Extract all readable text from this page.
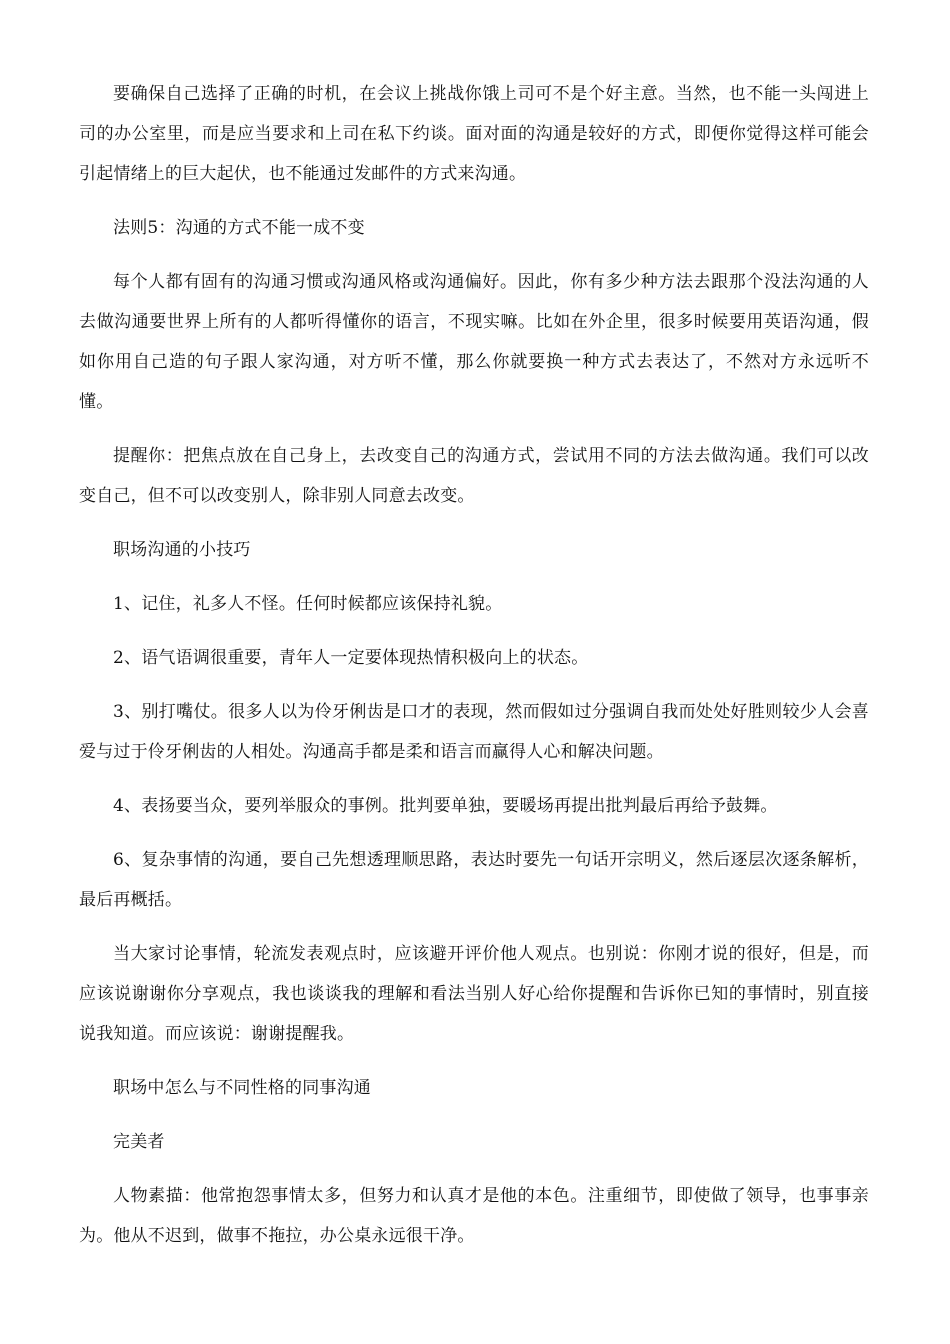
要确保自己选择了正确的时机，在会议上挑战你饿上司可不是个好主意。当然，也不能一头闯进上司的办公室里，而是应当要求和上司在私下约谈。面对面的沟通是较好的方式，即便你觉得这样可能会引起情绪上的巨大起伏，也不能通过发邮件的方式来沟通。

法则5：沟通的方式不能一成不变

每个人都有固有的沟通习惯或沟通风格或沟通偏好。因此，你有多少种方法去跟那个没法沟通的人去做沟通要世界上所有的人都听得懂你的语言，不现实嘛。比如在外企里，很多时候要用英语沟通，假如你用自己造的句子跟人家沟通，对方听不懂，那么你就要换一种方式去表达了，不然对方永远听不懂。

提醒你：把焦点放在自己身上，去改变自己的沟通方式，尝试用不同的方法去做沟通。我们可以改变自己，但不可以改变别人，除非别人同意去改变。

职场沟通的小技巧

1、记住，礼多人不怪。任何时候都应该保持礼貌。

2、语气语调很重要，青年人一定要体现热情积极向上的状态。

3、别打嘴仗。很多人以为伶牙俐齿是口才的表现，然而假如过分强调自我而处处好胜则较少人会喜爱与过于伶牙俐齿的人相处。沟通高手都是柔和语言而赢得人心和解决问题。

4、表扬要当众，要列举服众的事例。批判要单独，要暖场再提出批判最后再给予鼓舞。

6、复杂事情的沟通，要自己先想透理顺思路，表达时要先一句话开宗明义，然后逐层次逐条解析，最后再概括。

当大家讨论事情，轮流发表观点时，应该避开评价他人观点。也别说：你刚才说的很好，但是，而应该说谢谢你分享观点，我也谈谈我的理解和看法当别人好心给你提醒和告诉你已知的事情时，别直接说我知道。而应该说：谢谢提醒我。

职场中怎么与不同性格的同事沟通

完美者

人物素描：他常抱怨事情太多，但努力和认真才是他的本色。注重细节，即使做了领导，也事事亲为。他从不迟到，做事不拖拉，办公桌永远很干净。
